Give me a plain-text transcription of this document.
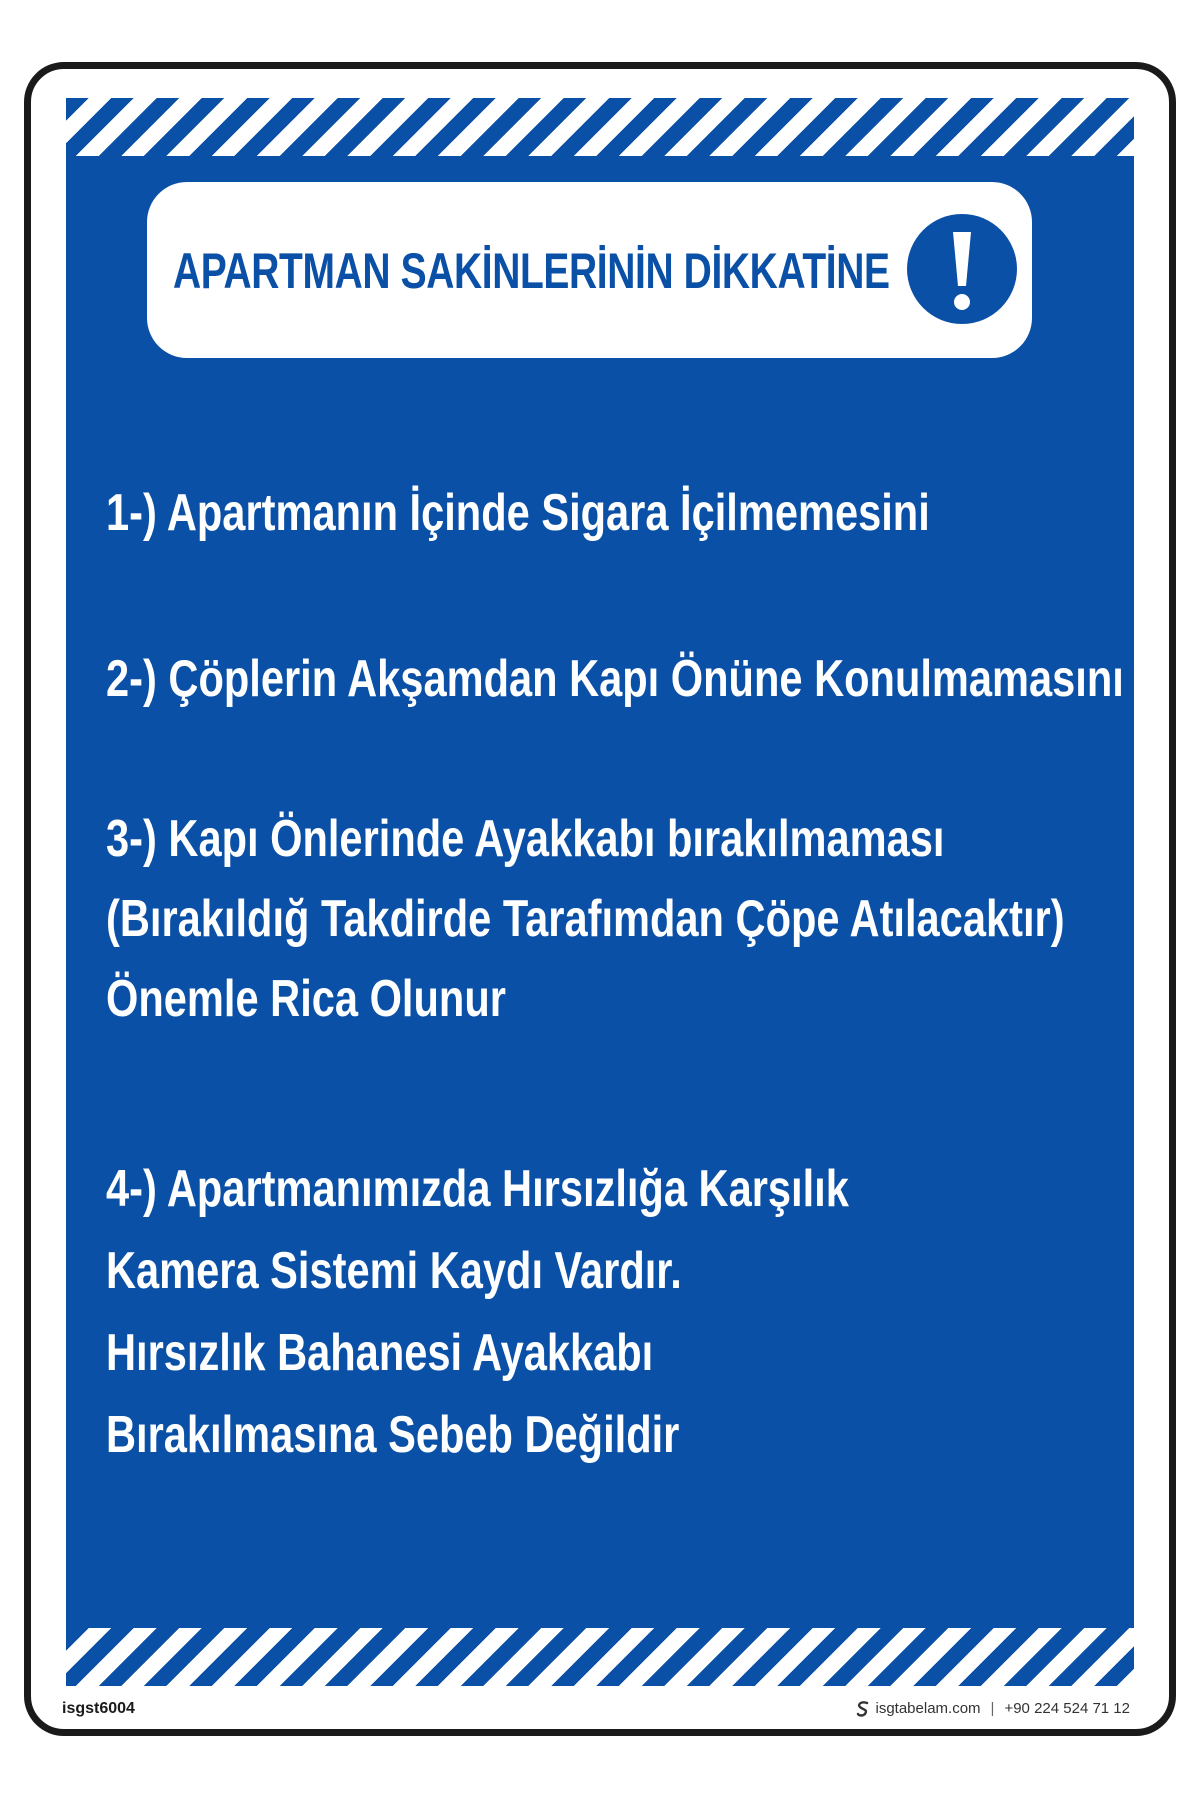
APARTMAN SAKİNLERİNİN DİKKATİNE
1-) Apartmanın İçinde Sigara İçilmemesini
2-) Çöplerin Akşamdan Kapı Önüne Konulmamasını
3-) Kapı Önlerinde Ayakkabı bırakılmaması
(Bırakıldığ Takdirde Tarafımdan Çöpe Atılacaktır)
Önemle Rica Olunur
4-) Apartmanımızda Hırsızlığa Karşılık
Kamera Sistemi Kaydı Vardır.
Hırsızlık Bahanesi Ayakkabı
Bırakılmasına Sebeb Değildir
isgst6004	isgtabelam.com | +90 224 524 71 12
